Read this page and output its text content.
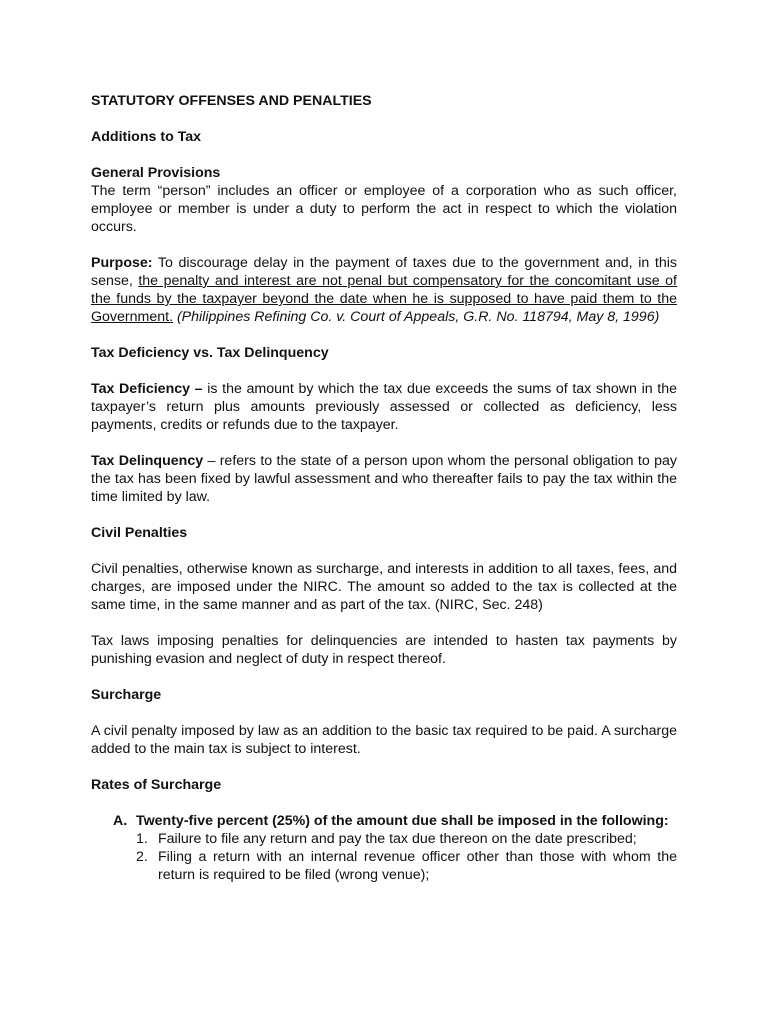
STATUTORY OFFENSES AND PENALTIES

Additions to Tax

General Provisions

The term “person” includes an officer or employee of a corporation who as such officer, employee or member is under a duty to perform the act in respect to which the violation occurs.

Purpose: To discourage delay in the payment of taxes due to the government and, in this sense, the penalty and interest are not penal but compensatory for the concomitant use of the funds by the taxpayer beyond the date when he is supposed to have paid them to the Government. (Philippines Refining Co. v. Court of Appeals, G.R. No. 118794, May 8, 1996)

Tax Deficiency vs. Tax Delinquency

Tax Deficiency – is the amount by which the tax due exceeds the sums of tax shown in the taxpayer’s return plus amounts previously assessed or collected as deficiency, less payments, credits or refunds due to the taxpayer.

Tax Delinquency – refers to the state of a person upon whom the personal obligation to pay the tax has been fixed by lawful assessment and who thereafter fails to pay the tax within the time limited by law.

Civil Penalties

Civil penalties, otherwise known as surcharge, and interests in addition to all taxes, fees, and charges, are imposed under the NIRC. The amount so added to the tax is collected at the same time, in the same manner and as part of the tax. (NIRC, Sec. 248)

Tax laws imposing penalties for delinquencies are intended to hasten tax payments by punishing evasion and neglect of duty in respect thereof.

Surcharge

A civil penalty imposed by law as an addition to the basic tax required to be paid. A surcharge added to the main tax is subject to interest.

Rates of Surcharge

A. Twenty-five percent (25%) of the amount due shall be imposed in the following:
1. Failure to file any return and pay the tax due thereon on the date prescribed;
2. Filing a return with an internal revenue officer other than those with whom the return is required to be filed (wrong venue);
